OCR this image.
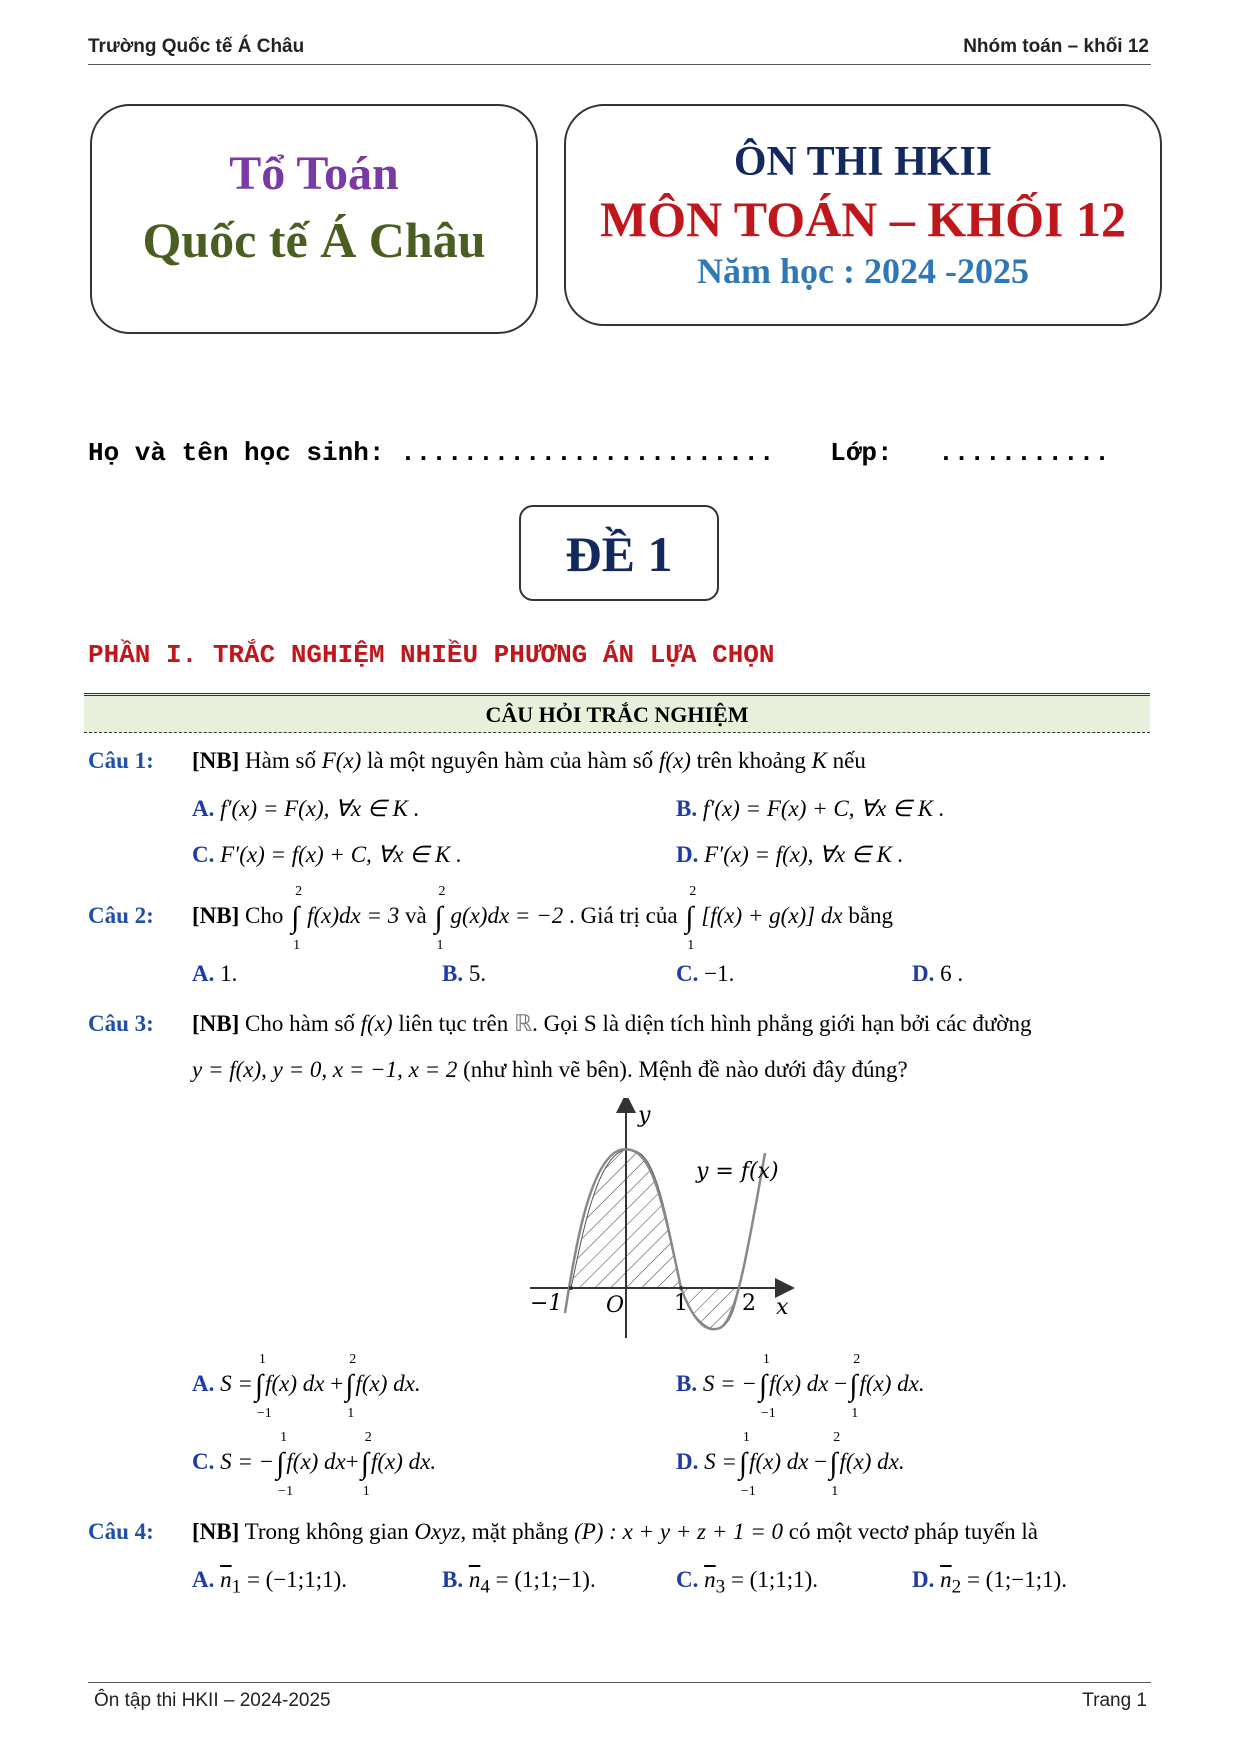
Trường Quốc tế Á Châu	Nhóm toán – khối 12
Tổ Toán
Quốc tế Á Châu
ÔN THI HKII
MÔN TOÁN – KHỐI 12
Năm học : 2024 -2025
Họ và tên học sinh: ........................ Lớp: ...........
ĐỀ 1
PHẦN I. TRẮC NGHIỆM NHIỀU PHƯƠNG ÁN LỰA CHỌN
CÂU HỎI TRẮC NGHIỆM
Câu 1: [NB] Hàm số F(x) là một nguyên hàm của hàm số f(x) trên khoảng K nếu
A. f′(x) = F(x), ∀x ∈ K .	B. f′(x) = F(x) + C, ∀x ∈ K .
C. F′(x) = f(x) + C, ∀x ∈ K .	D. F′(x) = f(x), ∀x ∈ K .
Câu 2: [NB] Cho ∫
2
1
f(x)dx = 3 và ∫
2
1
g(x)dx = −2 . Giá trị của ∫
2
1
[f(x) + g(x)] dx bằng
A. 1.	B. 5.	C. −1.	D. 6 .
Câu 3: [NB] Cho hàm số f(x) liên tục trên ℝ. Gọi S là diện tích hình phẳng giới hạn bởi các đường
y = f(x), y = 0, x = −1, x = 2 (như hình vẽ bên). Mệnh đề nào dưới đây đúng?
−1 O 1 2 x
y
y = f(x)
A. S =∫
1
−1
f(x) dx +∫
2
1
f(x) dx.	B. S = −∫
1
−1
f(x) dx −∫
2
1
f(x) dx.
C. S = −∫
1
−1
f(x) dx+∫
2
1
f(x) dx.	D. S =∫
1
−1
f(x) dx −∫
2
1
f(x) dx.
Câu 4: [NB] Trong không gian Oxyz, mặt phẳng (P) : x + y + z + 1 = 0 có một vectơ pháp tuyến là
A. $\overline{n}_1$ = (−1;1;1).	B. $\overline{n}_4$ = (1;1;−1).	C. $\overline{n}_3$ = (1;1;1).	D. $\overline{n}_2$ = (1;−1;1).
Ôn tập thi HKII – 2024-2025	Trang 1
